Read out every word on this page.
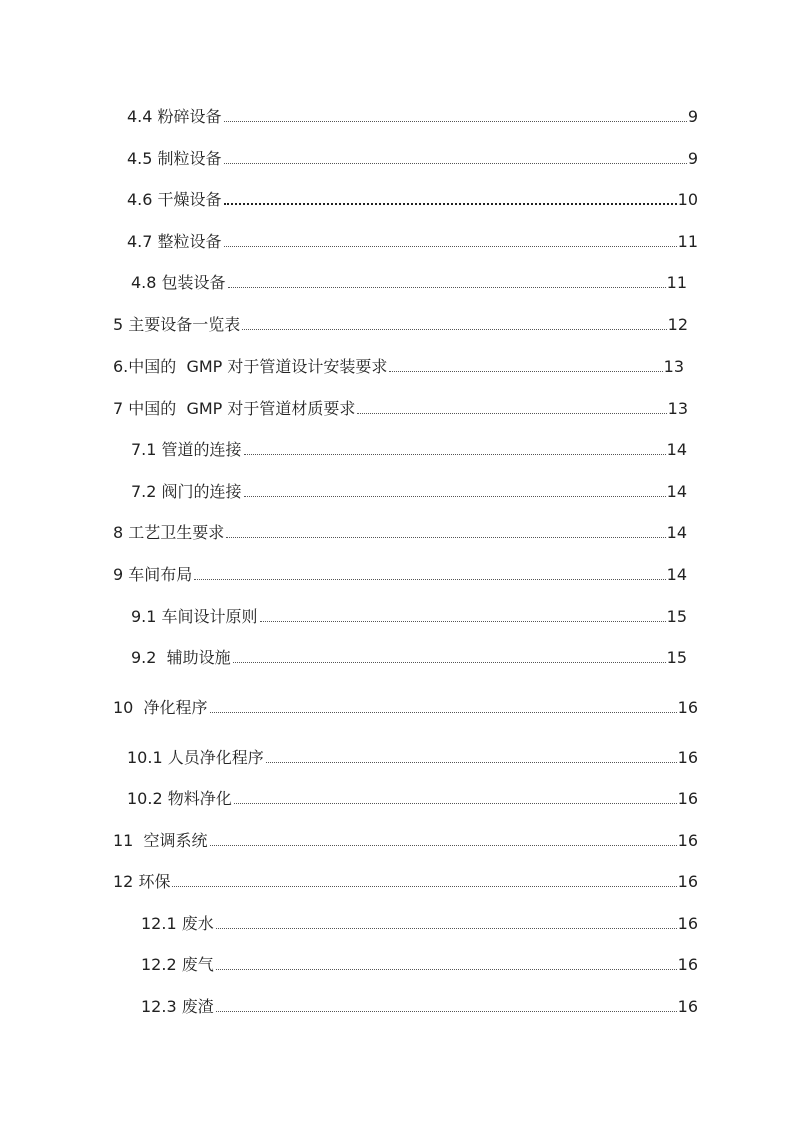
4.4 粉碎设备	9
4.5 制粒设备	9
4.6 干燥设备	10
4.7 整粒设备	11
4.8 包装设备	11
5 主要设备一览表	12
6.中国的  GMP 对于管道设计安装要求	13
7 中国的  GMP 对于管道材质要求	13
7.1 管道的连接	14
7.2 阀门的连接	14
8 工艺卫生要求	14
9 车间布局	14
9.1 车间设计原则	15
9.2  辅助设施	15
10  净化程序	16
10.1 人员净化程序	16
10.2 物料净化	16
11  空调系统	16
12 环保	16
12.1 废水	16
12.2 废气	16
12.3 废渣	16
